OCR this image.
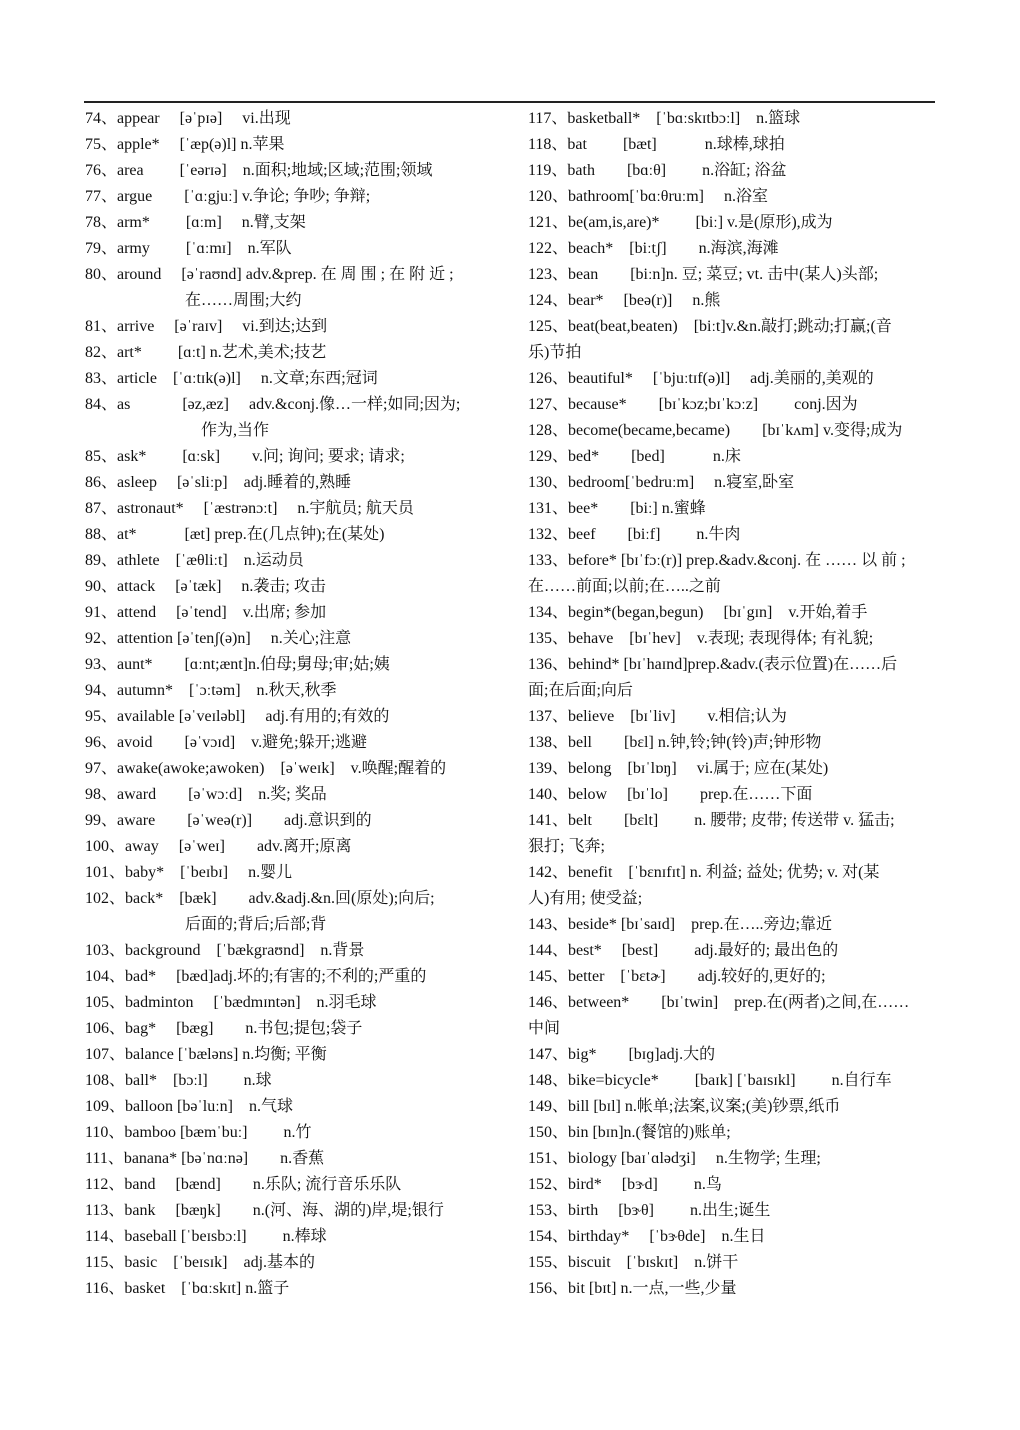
74、appear　 [əˈpɪə]　 vi.出现
75、apple*　 [ˈæp(ə)l] n.苹果
76、area　　 [ˈeərɪə]　n.面积;地域;区域;范围;领域
77、argue　　[ˈɑːgjuː] v.争论; 争吵; 争辩;
78、arm*　　 [ɑːm]　 n.臂,支架
79、army　　 [ˈɑːmɪ]　n.军队
80、around　 [əˈraʊnd] adv.&prep. 在 周 围 ; 在 附 近 ;
　　　　　　 在……周围;大约
81、arrive　 [əˈraɪv]　 vi.到达;达到
82、art*　　 [ɑːt] n.艺术,美术;技艺
83、article　[ˈɑːtɪk(ə)l]　 n.文章;东西;冠词
84、as　　　 [əz,æz]　 adv.&conj.像…一样;如同;因为;
　　　　　　　 作为,当作
85、ask*　　 [ɑːsk]　　v.问; 询问; 要求; 请求;
86、asleep　 [əˈsliːp]　adj.睡着的,熟睡
87、astronaut*　 [ˈæstrənɔːt]　 n.宇航员; 航天员
88、at*　　　[æt] prep.在(几点钟);在(某处)
89、athlete　[ˈæθliːt]　n.运动员
90、attack　 [əˈtæk]　 n.袭击; 攻击
91、attend　 [əˈtend]　v.出席; 参加
92、attention [əˈtenʃ(ə)n]　 n.关心;注意
93、aunt*　　[ɑːnt;ænt]n.伯母;舅母;审;姑;姨
94、autumn*　[ˈɔːtəm]　n.秋天,秋季
95、available [əˈveɪləbl]　 adj.有用的;有效的
96、avoid　　[əˈvɔɪd]　v.避免;躲开;逃避
97、awake(awoke;awoken)　[əˈweɪk]　v.唤醒;醒着的
98、award　　[əˈwɔːd]　n.奖; 奖品
99、aware　　[əˈweə(r)]　　adj.意识到的
100、away　 [əˈweɪ]　　adv.离开;原离
101、baby*　[ˈbeɪbɪ]　 n.婴儿
102、back*　[bæk]　　adv.&adj.&n.回(原处);向后;
　　　　　　 后面的;背后;后部;背
103、background　[ˈbækgraʊnd]　n.背景
104、bad*　 [bæd]adj.坏的;有害的;不利的;严重的
105、badminton　 [ˈbædmɪntən]　n.羽毛球
106、bag*　 [bæg]　　n.书包;提包;袋子
107、balance [ˈbæləns] n.均衡; 平衡
108、ball*　[bɔːl]　　 n.球
109、balloon [bəˈluːn]　n.气球
110、bamboo [bæmˈbuː]　　 n.竹
111、banana* [bəˈnɑːnə]　　n.香蕉
112、band　 [bænd]　　n.乐队; 流行音乐乐队
113、bank　 [bæŋk]　　n.(河、海、湖的)岸,堤;银行
114、baseball [ˈbeɪsbɔːl]　　 n.棒球
115、basic　[ˈbeɪsɪk]　adj.基本的
116、basket　[ˈbɑːskɪt] n.篮子
117、basketball*　[ˈbɑːskɪtbɔːl]　n.篮球
118、bat　　 [bæt]　　　n.球棒,球拍
119、bath　　[bɑːθ]　　 n.浴缸; 浴盆
120、bathroom[ˈbɑːθruːm]　 n.浴室
121、be(am,is,are)*　　 [biː] v.是(原形),成为
122、beach*　[biːtʃ]　　n.海滨,海滩
123、bean　　[biːn]n. 豆; 菜豆; vt. 击中(某人)头部;
124、bear*　 [beə(r)]　 n.熊
125、beat(beat,beaten)　[biːt]v.&n.敲打;跳动;打赢;(音
乐)节拍
126、beautiful*　 [ˈbjuːtɪf(ə)l]　 adj.美丽的,美观的
127、because*　　[bɪˈkɔz;bɪˈkɔːz]　　 conj.因为
128、become(became,became)　　[bɪˈkʌm] v.变得;成为
129、bed*　　[bed]　　　n.床
130、bedroom[ˈbedruːm]　 n.寝室,卧室
131、bee*　　[biː] n.蜜蜂
132、beef　　[biːf]　　 n.牛肉
133、before* [bɪˈfɔː(r)] prep.&adv.&conj. 在 …… 以 前 ;
在……前面;以前;在…..之前
134、begin*(began,begun)　 [bɪˈgɪn]　v.开始,着手
135、behave　[bɪˈhev]　v.表现; 表现得体; 有礼貌;
136、behind* [bɪˈhaɪnd]prep.&adv.(表示位置)在……后
面;在后面;向后
137、believe　[bɪˈliv]　　v.相信;认为
138、bell　　[bɛl] n.钟,铃;钟(铃)声;钟形物
139、belong　[bɪˈlɒŋ]　 vi.属于; 应在(某处)
140、below　 [bɪˈlo]　　prep.在……下面
141、belt　　[bɛlt]　　 n. 腰带; 皮带; 传送带 v. 猛击;
狠打; 飞奔;
142、benefit　[ˈbɛnɪfɪt] n. 利益; 益处; 优势; v. 对(某
人)有用; 使受益;
143、beside* [bɪˈsaɪd]　prep.在…..旁边;靠近
144、best*　 [best]　　 adj.最好的; 最出色的
145、better　[ˈbɛtɚ]　　adj.较好的,更好的;
146、between*　　[bɪˈtwin]　prep.在(两者)之间,在……
中间
147、big*　　[bɪɡ]adj.大的
148、bike=bicycle*　　 [baɪk] [ˈbaɪsɪkl]　　 n.自行车
149、bill [bɪl] n.帐单;法案,议案;(美)钞票,纸币
150、bin [bɪn]n.(餐馆的)账单;
151、biology [baɪˈɑlədʒi]　 n.生物学; 生理;
152、bird*　 [bɝd]　　 n.鸟
153、birth　 [bɝθ]　　 n.出生;诞生
154、birthday*　 [ˈbɝθde]　n.生日
155、biscuit　[ˈbɪskɪt]　n.饼干
156、bit [bɪt] n.一点,一些,少量
